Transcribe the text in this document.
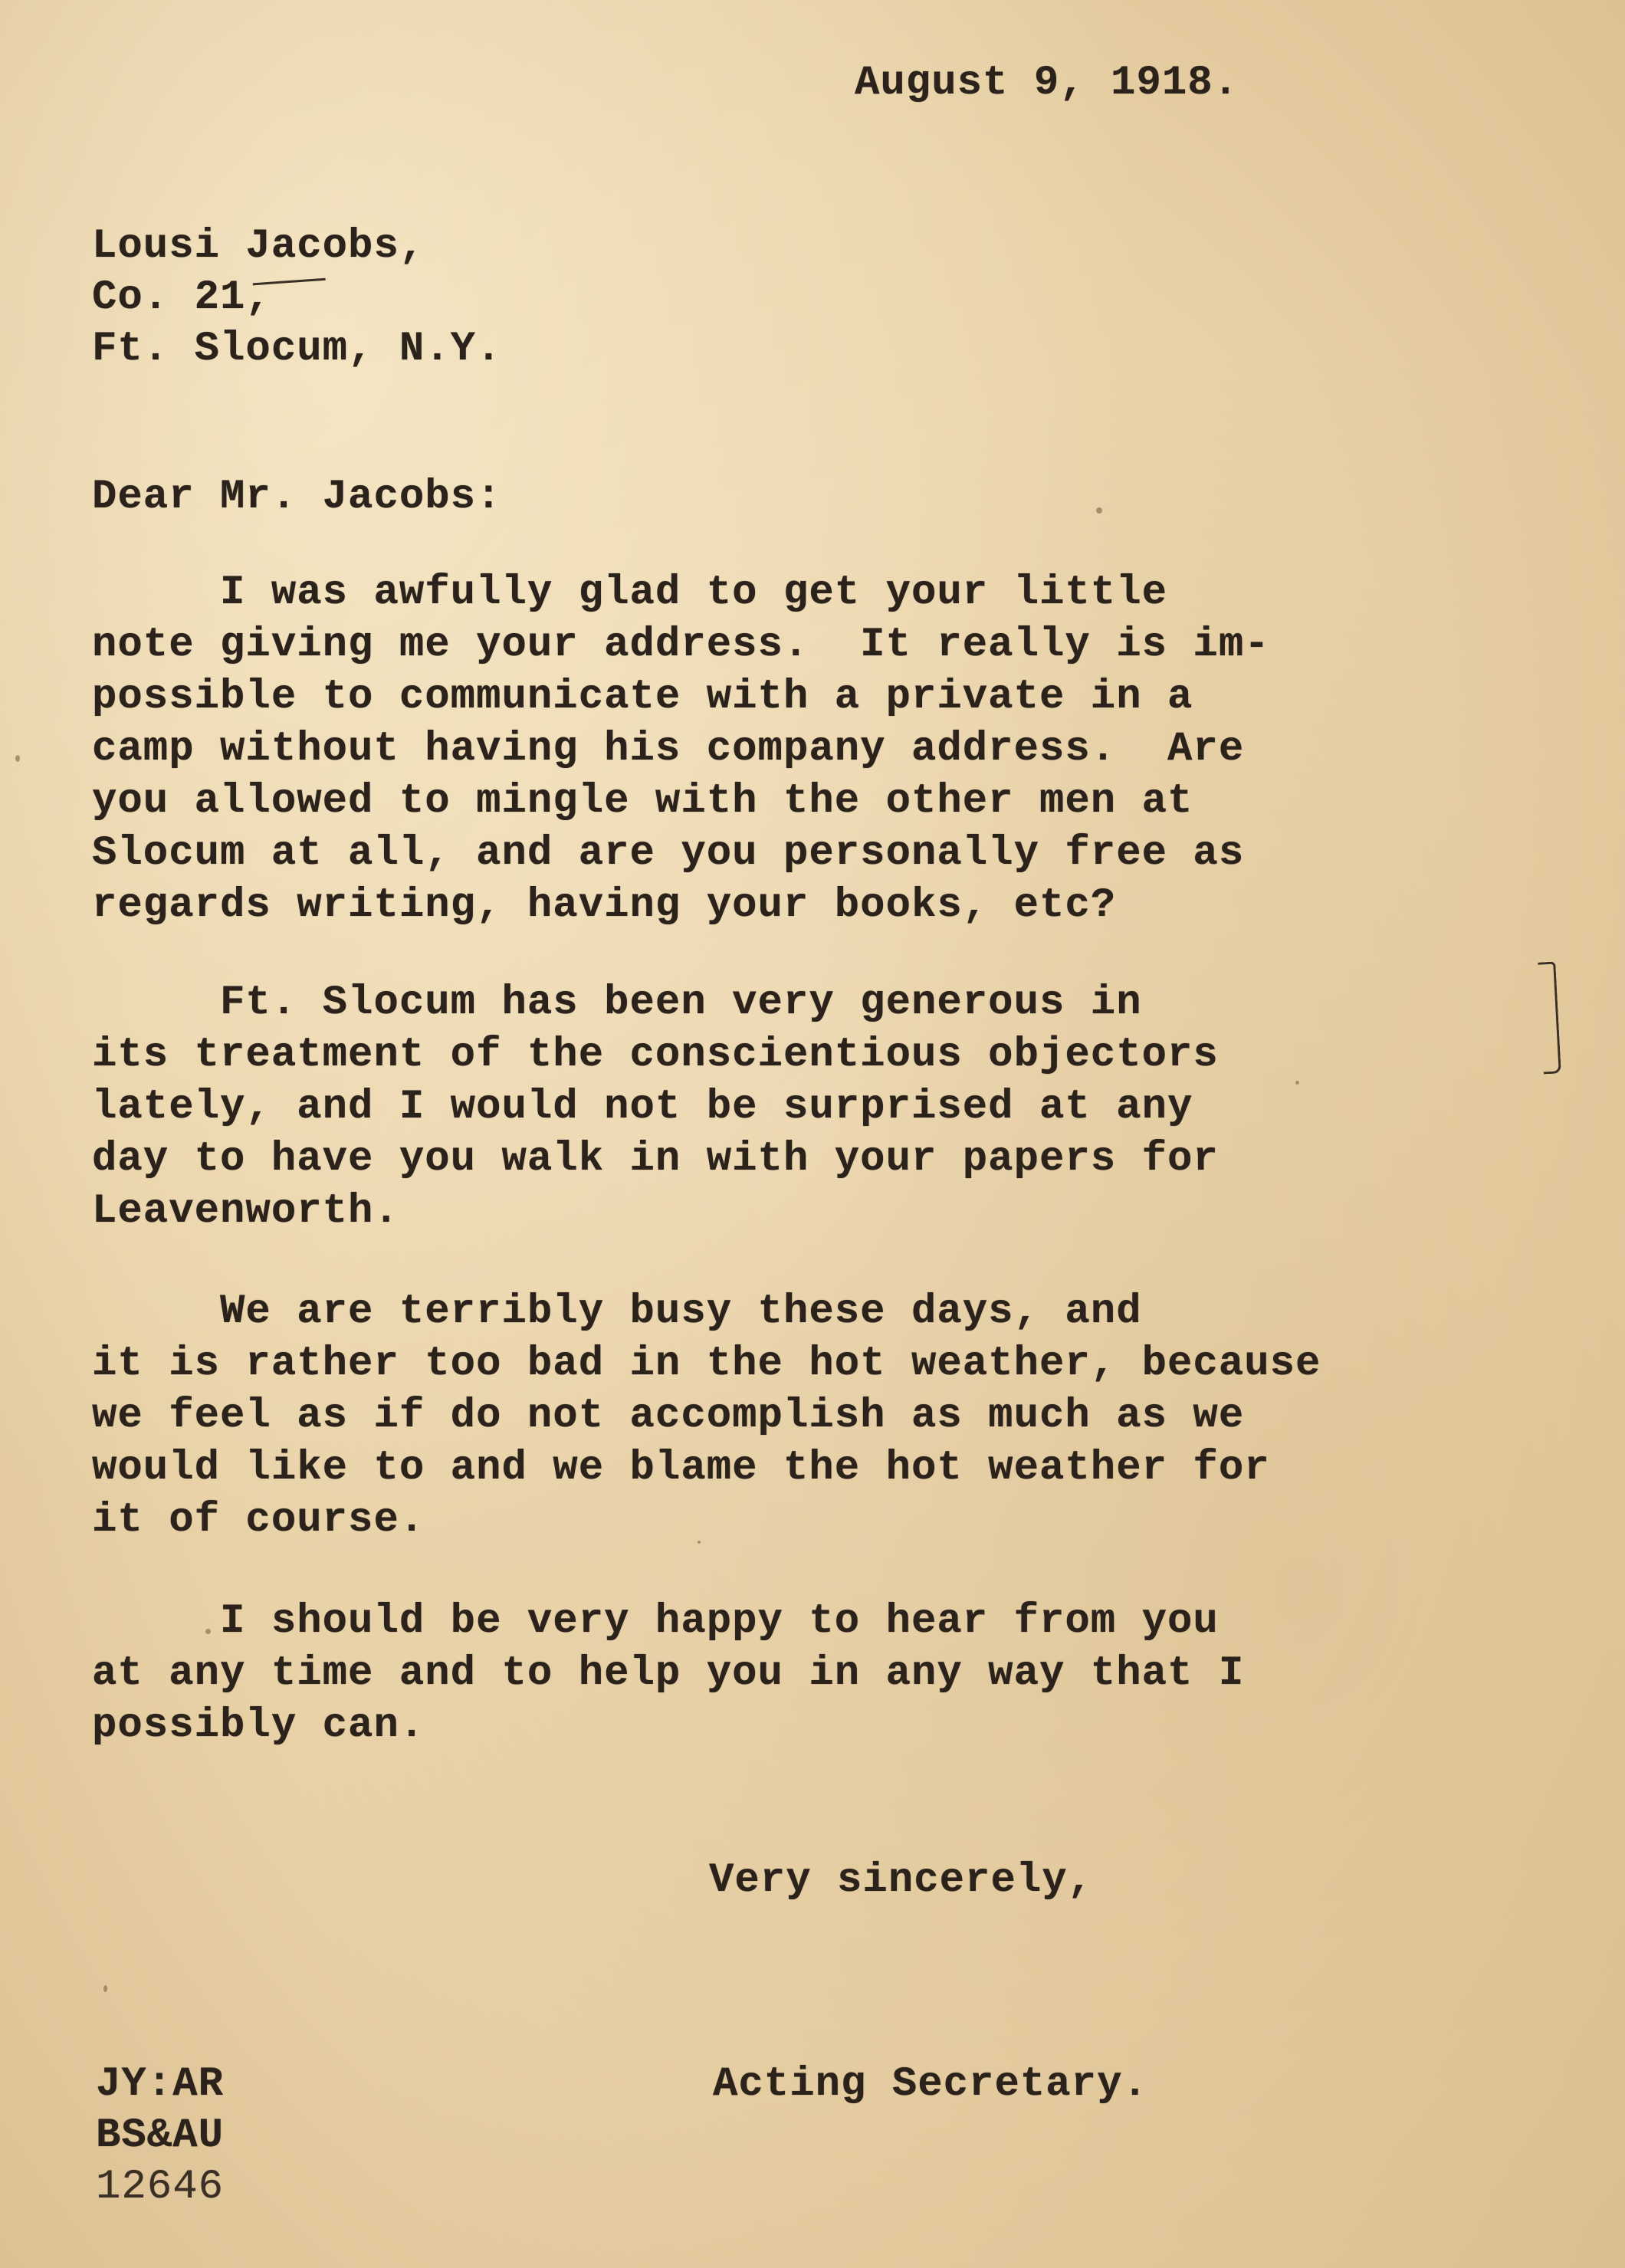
August 9, 1918.
Lousi Jacobs,
Co. 21,
Ft. Slocum, N.Y.
Dear Mr. Jacobs:
I was awfully glad to get your little
note giving me your address.  It really is im-
possible to communicate with a private in a
camp without having his company address.  Are
you allowed to mingle with the other men at
Slocum at all, and are you personally free as
regards writing, having your books, etc?
Ft. Slocum has been very generous in
its treatment of the conscientious objectors
lately, and I would not be surprised at any
day to have you walk in with your papers for
Leavenworth.
We are terribly busy these days, and
it is rather too bad in the hot weather, because
we feel as if do not accomplish as much as we
would like to and we blame the hot weather for
it of course.
I should be very happy to hear from you
at any time and to help you in any way that I
possibly can.
Very sincerely,
JY:AR	Acting Secretary.
BS&AU
12646
